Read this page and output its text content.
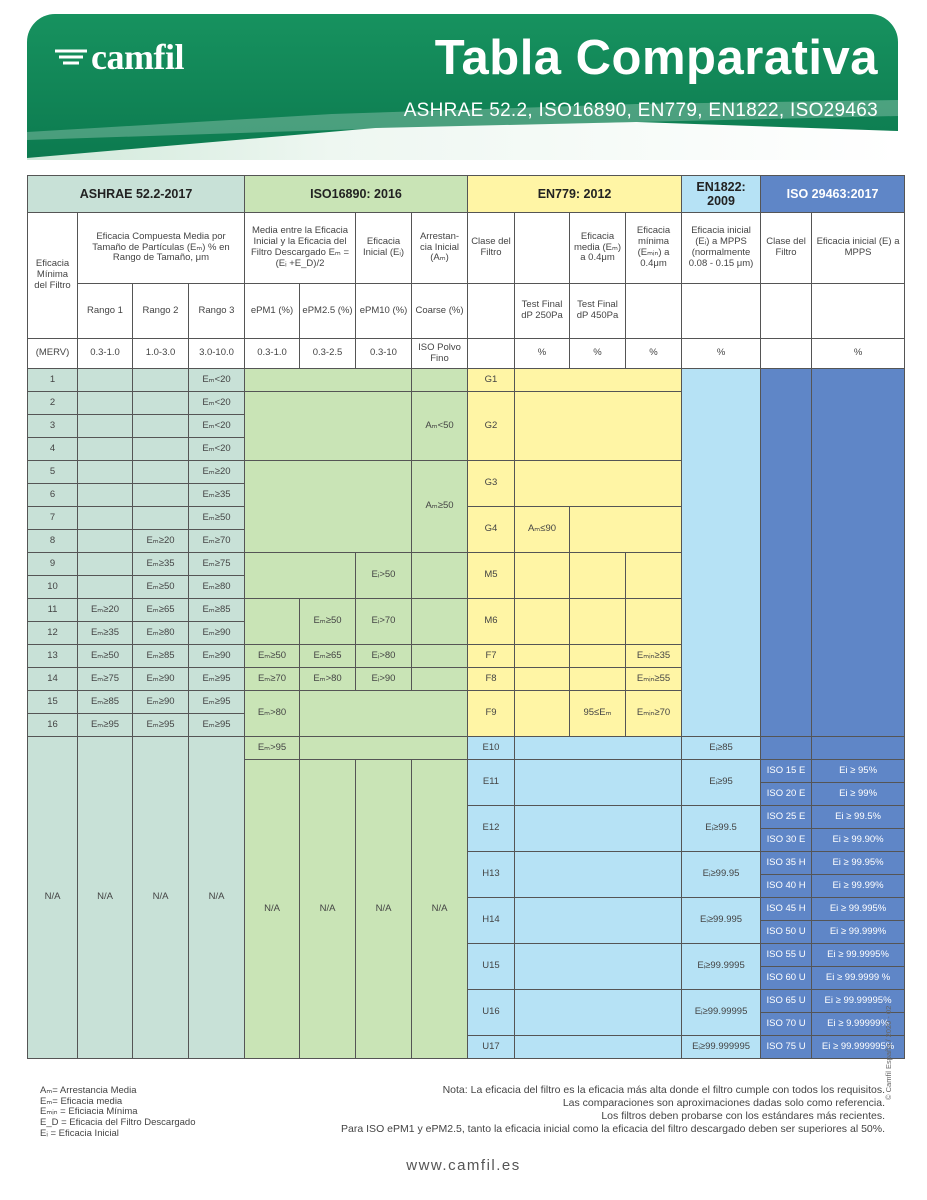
camfil	Tabla Comparativa
ASHRAE 52.2, ISO16890, EN779, EN1822, ISO29463
ASHRAE 52.2-2017				ISO16890: 2016				EN779: 2012				EN1822: 2009	ISO 29463:2017	
Eficacia Mínima del Filtro	Eficacia Compuesta Media por Tamaño de Partículas (Eₘ) % en Rango de Tamaño, μm			Media entre la Eficacia Inicial y la Eficacia del Filtro Descargado Eₘ = (Eᵢ +E_D)/2		Eficacia Inicial (Eᵢ)	Arrestan-cia Inicial (Aₘ)	Clase del Filtro		Eficacia media (Eₘ) a 0.4μm	Eficacia mínima (Eₘᵢₙ) a 0.4μm	Eficacia inicial (Eᵢ) a MPPS (normalmente 0.08 - 0.15 μm)	Clase del Filtro	Eficacia inicial (E) a MPPS
	Rango 1	Rango 2	Rango 3	ePM1 (%)	ePM2.5 (%)	ePM10 (%)	Coarse (%)		Test Final dP 250Pa	Test Final dP 450Pa				
(MERV)	0.3-1.0	1.0-3.0	3.0-10.0	0.3-1.0	0.3-2.5	0.3-10	ISO Polvo Fino		%	%	%	%		%
1			Eₘ<20					G1						
2			Eₘ<20				Aₘ<50	G2						
3			Eₘ<20											
4			Eₘ<20											
5			Eₘ≥20				Aₘ≥50	G3						
6			Eₘ≥35											
7			Eₘ≥50					G4	Aₘ≤90					
8		Eₘ≥20	Eₘ≥70											
9		Eₘ≥35	Eₘ≥75			Eᵢ>50		M5						
10		Eₘ≥50	Eₘ≥80											
11	Eₘ≥20	Eₘ≥65	Eₘ≥85		Eₘ≥50	Eᵢ>70		M6						
12	Eₘ≥35	Eₘ≥80	Eₘ≥90											
13	Eₘ≥50	Eₘ≥85	Eₘ≥90	Eₘ≥50	Eₘ≥65	Eᵢ>80		F7			Eₘᵢₙ≥35			
14	Eₘ≥75	Eₘ≥90	Eₘ≥95	Eₘ≥70	Eₘ>80	Eᵢ>90		F8			Eₘᵢₙ≥55			
15	Eₘ≥85	Eₘ≥90	Eₘ≥95	Eₘ>80				F9		95≤Eₘ	Eₘᵢₙ≥70			
16	Eₘ≥95	Eₘ≥95	Eₘ≥95											
N/A	N/A	N/A	N/A	Eₘ>95				E10				Eᵢ≥85		
				N/A	N/A	N/A	N/A	E11				Eᵢ≥95	ISO 15 E	Ei ≥ 95%
													ISO 20 E	Ei ≥ 99%
								E12				Eᵢ≥99.5	ISO 25 E	Ei ≥ 99.5%
													ISO 30 E	Ei ≥ 99.90%
								H13				Eᵢ≥99.95	ISO 35 H	Ei ≥ 99.95%
													ISO 40 H	Ei ≥ 99.99%
								H14				Eᵢ≥99.995	ISO 45 H	Ei ≥ 99.995%
													ISO 50 U	Ei ≥ 99.999%
								U15				Eᵢ≥99.9995	ISO 55 U	Ei ≥ 99.9995%
													ISO 60 U	Ei ≥ 99.9999 %
								U16				Eᵢ≥99.99995	ISO 65 U	Ei ≥ 99.99995%
													ISO 70 U	Ei ≥ 9.99999%
								U17				Eᵢ≥99.999995	ISO 75 U	Ei ≥ 99.999995%
Aₘ= Arrestancia Media
Eₘ= Eficacia media
Eₘᵢₙ = Eficiacia Mínima
E_D = Eficacia del Filtro Descargado
Eᵢ = Eficacia Inicial
Nota: La eficacia del filtro es la eficacia más alta donde el filtro cumple con todos los requisitos.
Las comparaciones son aproximaciones dadas solo como referencia.
Los filtros deben probarse con los estándares más recientes.
Para ISO ePM1 y ePM2.5, tanto la eficacia inicial como la eficacia del filtro descargado deben ser superiores al 50%.
www.camfil.es
© Camfil España / 2020 - 02
